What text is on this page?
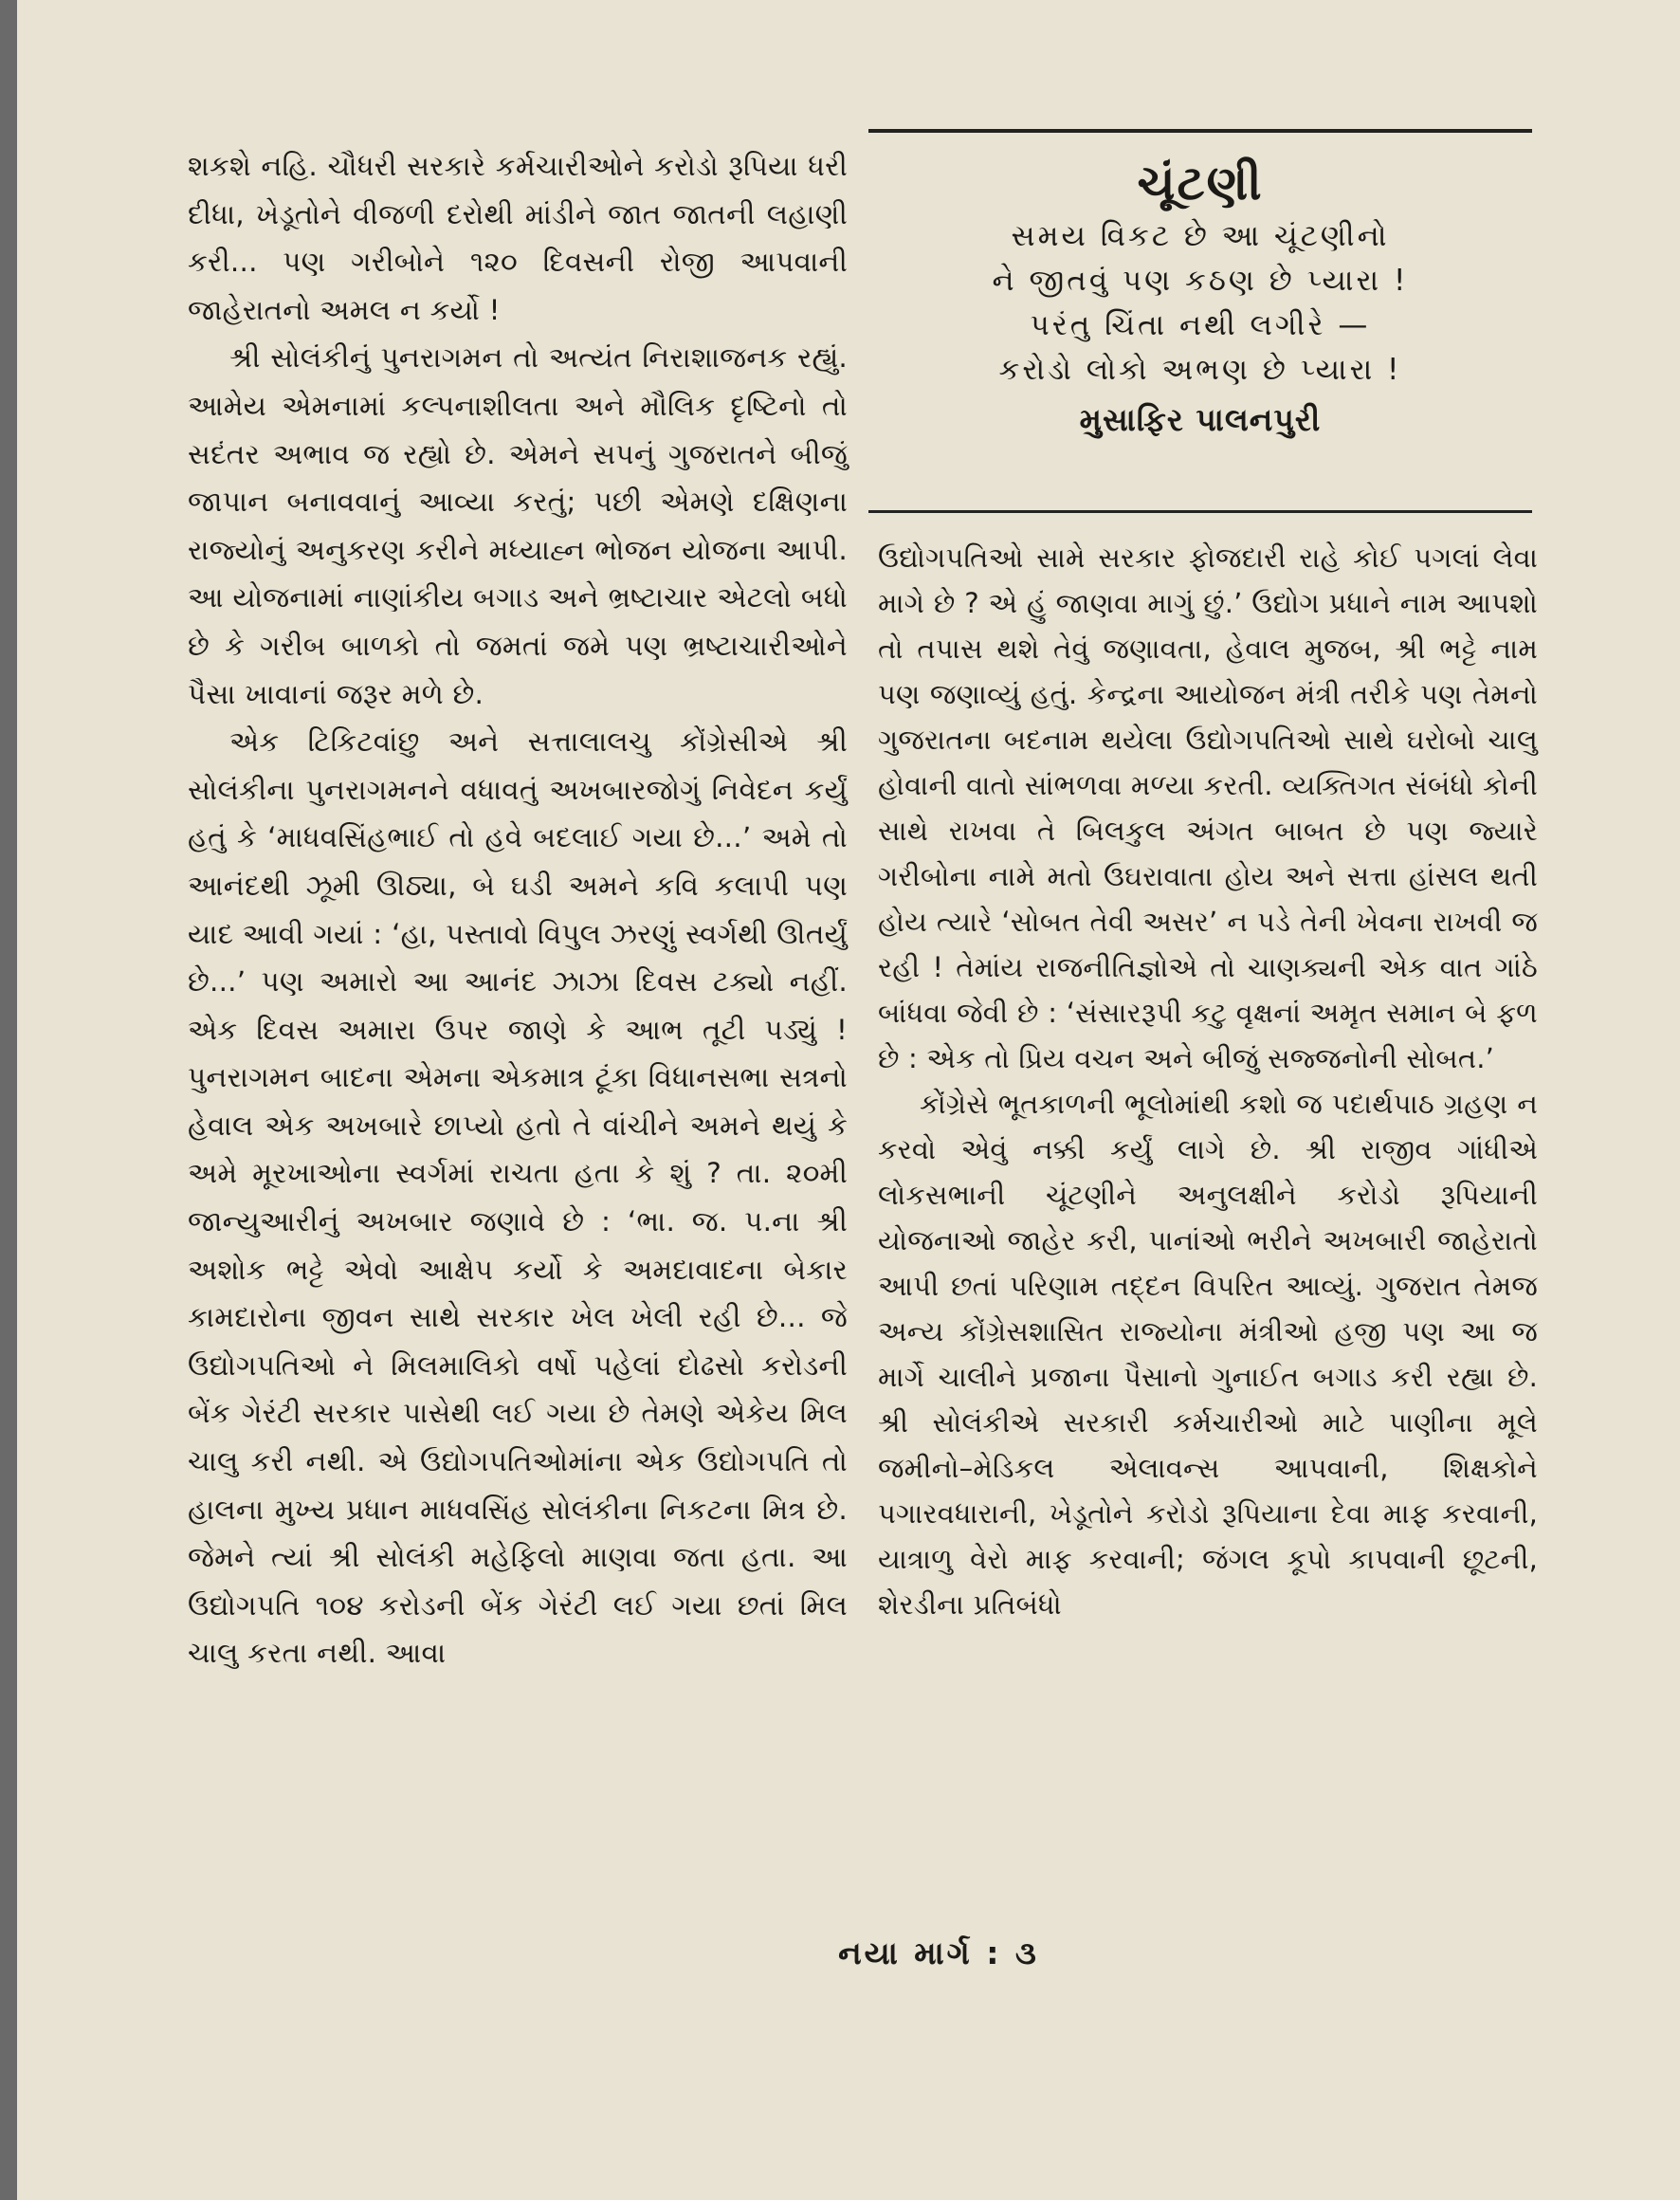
શકશે નહિ. ચૌધરી સરકારે કર્મચારીઓને કરોડો રૂપિયા ધરી દીધા, ખેડૂતોને વીજળી દરોથી માંડીને જાત જાતની લહાણી કરી... પણ ગરીબોને ૧૨૦ દિવસની રોજી આપવાની જાહેરાતનો અમલ ન કર્યો !

શ્રી સોલંકીનું પુનરાગમન તો અત્યંત નિરાશાજનક રહ્યું. આમેય એમનામાં કલ્પનાશીલતા અને મૌલિક દૃષ્ટિનો તો સદંતર અભાવ જ રહ્યો છે. એમને સપનું ગુજરાતને બીજું જાપાન બનાવવાનું આવ્યા કરતું; પછી એમણે દક્ષિણના રાજ્યોનું અનુકરણ કરીને મધ્યાહ્ન ભોજન યોજના આપી. આ યોજનામાં નાણાંકીય બગાડ અને ભ્રષ્ટાચાર એટલો બધો છે કે ગરીબ બાળકો તો જમતાં જમે પણ ભ્રષ્ટાચારીઓને પૈસા ખાવાનાં જરૂર મળે છે.

એક ટિકિટવાંછુ અને સત્તાલાલચુ કોંગ્રેસીએ શ્રી સોલંકીના પુનરાગમનને વધાવતું અખબારજોગું નિવેદન કર્યું હતું કે ‘માધવસિંહભાઈ તો હવે બદલાઈ ગયા છે...’ અમે તો આનંદથી ઝૂમી ઊઠ્યા, બે ઘડી અમને કવિ કલાપી પણ યાદ આવી ગયાં : ‘હા, પસ્તાવો વિપુલ ઝરણું સ્વર્ગથી ઊતર્યું છે...’ પણ અમારો આ આનંદ ઝાઝા દિવસ ટક્યો નહીં. એક દિવસ અમારા ઉપર જાણે કે આભ તૂટી પડ્યું ! પુનરાગમન બાદના એમના એકમાત્ર ટૂંકા વિધાનસભા સત્રનો હેવાલ એક અખબારે છાપ્યો હતો તે વાંચીને અમને થયું કે અમે મૂરખાઓના સ્વર્ગમાં રાચતા હતા કે શું ? તા. ૨૦મી જાન્યુઆરીનું અખબાર જણાવે છે : ‘ભા. જ. પ.ના શ્રી અશોક ભટ્ટે એવો આક્ષેપ કર્યો કે અમદાવાદના બેકાર કામદારોના જીવન સાથે સરકાર ખેલ ખેલી રહી છે... જે ઉદ્યોગપતિઓ ને મિલમાલિકો વર્ષો પહેલાં દોઢસો કરોડની બેંક ગેરંટી સરકાર પાસેથી લઈ ગયા છે તેમણે એકેય મિલ ચાલુ કરી નથી. એ ઉદ્યોગપતિઓમાંના એક ઉદ્યોગપતિ તો હાલના મુખ્ય પ્રધાન માધવસિંહ સોલંકીના નિકટના મિત્ર છે. જેમને ત્યાં શ્રી સોલંકી મહેફિલો માણવા જતા હતા. આ ઉદ્યોગપતિ ૧૦૪ કરોડની બેંક ગેરંટી લઈ ગયા છતાં મિલ ચાલુ કરતા નથી. આવા

ચૂંટણી
સમય વિકટ છે આ ચૂંટણીનો
ને જીતવું પણ કઠણ છે પ્યારા !
પરંતુ ચિંતા નથી લગીરે —
કરોડો લોકો અભણ છે પ્યારા !
મુસાફિર પાલનપુરી

ઉદ્યોગપતિઓ સામે સરકાર ફોજદારી રાહે કોઈ પગલાં લેવા માગે છે ? એ હું જાણવા માગું છું.’ ઉદ્યોગ પ્રધાને નામ આપશો તો તપાસ થશે તેવું જણાવતા, હેવાલ મુજબ, શ્રી ભટ્ટે નામ પણ જણાવ્યું હતું. કેન્દ્રના આયોજન મંત્રી તરીકે પણ તેમનો ગુજરાતના બદનામ થયેલા ઉદ્યોગપતિઓ સાથે ઘરોબો ચાલુ હોવાની વાતો સાંભળવા મળ્યા કરતી. વ્યક્તિગત સંબંધો કોની સાથે રાખવા તે બિલકુલ અંગત બાબત છે પણ જ્યારે ગરીબોના નામે મતો ઉઘરાવાતા હોય અને સત્તા હાંસલ થતી હોય ત્યારે ‘સોબત તેવી અસર’ ન પડે તેની ખેવના રાખવી જ રહી ! તેમાંય રાજનીતિજ્ઞોએ તો ચાણક્યની એક વાત ગાંઠે બાંધવા જેવી છે : ‘સંસારરૂપી કટુ વૃક્ષનાં અમૃત સમાન બે ફળ છે : એક તો પ્રિય વચન અને બીજું સજ્જનોની સોબત.’

કોંગ્રેસે ભૂતકાળની ભૂલોમાંથી કશો જ પદાર્થપાઠ ગ્રહણ ન કરવો એવું નક્કી કર્યું લાગે છે. શ્રી રાજીવ ગાંધીએ લોકસભાની ચૂંટણીને અનુલક્ષીને કરોડો રૂપિયાની યોજનાઓ જાહેર કરી, પાનાંઓ ભરીને અખબારી જાહેરાતો આપી છતાં પરિણામ તદ્દન વિપરિત આવ્યું. ગુજરાત તેમજ અન્ય કોંગ્રેસશાસિત રાજ્યોના મંત્રીઓ હજી પણ આ જ માર્ગે ચાલીને પ્રજાના પૈસાનો ગુનાઈત બગાડ કરી રહ્યા છે. શ્રી સોલંકીએ સરકારી કર્મચારીઓ માટે પાણીના મૂલે જમીનો–મેડિકલ એલાવન્સ આપવાની, શિક્ષકોને પગારવધારાની, ખેડૂતોને કરોડો રૂપિયાના દેવા માફ કરવાની, યાત્રાળુ વેરો માફ કરવાની; જંગલ કૂપો કાપવાની છૂટની, શેરડીના પ્રતિબંધો

નયા માર્ગ : ૩
